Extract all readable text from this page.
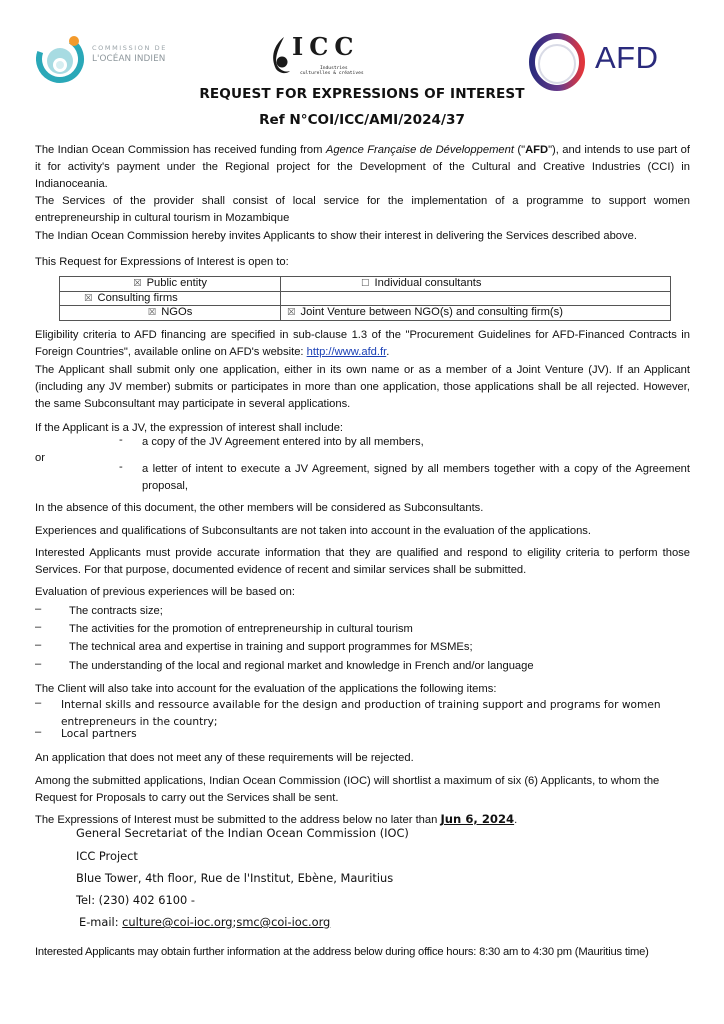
COMMISSION DE
L'OCÉAN INDIEN	ICC
Industries
culturelles & créatives	AFD
REQUEST FOR EXPRESSIONS OF INTEREST
Ref N°COI/ICC/AMI/2024/37

The Indian Ocean Commission has received funding from Agence Française de Développement ("AFD"), and intends to use part of it for activity's payment under the Regional project for the Development of the Cultural and Creative Industries (CCI) in Indianoceania.

The Services of the provider shall consist of local service for the implementation of a programme to support women entrepreneurship in cultural tourism in Mozambique

The Indian Ocean Commission hereby invites Applicants to show their interest in delivering the Services described above.

This Request for Expressions of Interest is open to:

☒ Public entity	☐ Individual consultants
☒ Consulting firms	
☒ NGOs	☒ Joint Venture between NGO(s) and consulting firm(s)

Eligibility criteria to AFD financing are specified in sub-clause 1.3 of the "Procurement Guidelines for AFD-Financed Contracts in Foreign Countries", available online on AFD's website: http://www.afd.fr.

The Applicant shall submit only one application, either in its own name or as a member of a Joint Venture (JV). If an Applicant (including any JV member) submits or participates in more than one application, those applications shall be all rejected. However, the same Subconsultant may participate in several applications.

If the Applicant is a JV, the expression of interest shall include:

- a copy of the JV Agreement entered into by all members,

or

- a letter of intent to execute a JV Agreement, signed by all members together with a copy of the Agreement proposal,

In the absence of this document, the other members will be considered as Subconsultants.

Experiences and qualifications of Subconsultants are not taken into account in the evaluation of the applications.

Interested Applicants must provide accurate information that they are qualified and respond to eligility criteria to perform those Services. For that purpose, documented evidence of recent and similar services shall be submitted.

Evaluation of previous experiences will be based on:

– The contracts size;

– The activities for the promotion of entrepreneurship in cultural tourism

– The technical area and expertise in training and support programmes for MSMEs;

– The understanding of the local and regional market and knowledge in French and/or language

The Client will also take into account for the evaluation of the applications the following items:

– Internal skills and ressource available for the design and production of training support and programs for women entrepreneurs in the country;

– Local partners

An application that does not meet any of these requirements will be rejected.

Among the submitted applications, Indian Ocean Commission (IOC) will shortlist a maximum of six (6) Applicants, to whom the Request for Proposals to carry out the Services shall be sent.

The Expressions of Interest must be submitted to the address below no later than Jun 6, 2024.

General Secretariat of the Indian Ocean Commission (IOC)

ICC Project

Blue Tower, 4th floor, Rue de l'Institut, Ebène, Mauritius

Tel: (230) 402 6100 -

E-mail: culture@coi-ioc.org;smc@coi-ioc.org

Interested Applicants may obtain further information at the address below during office hours: 8:30 am to 4:30 pm (Mauritius time)
